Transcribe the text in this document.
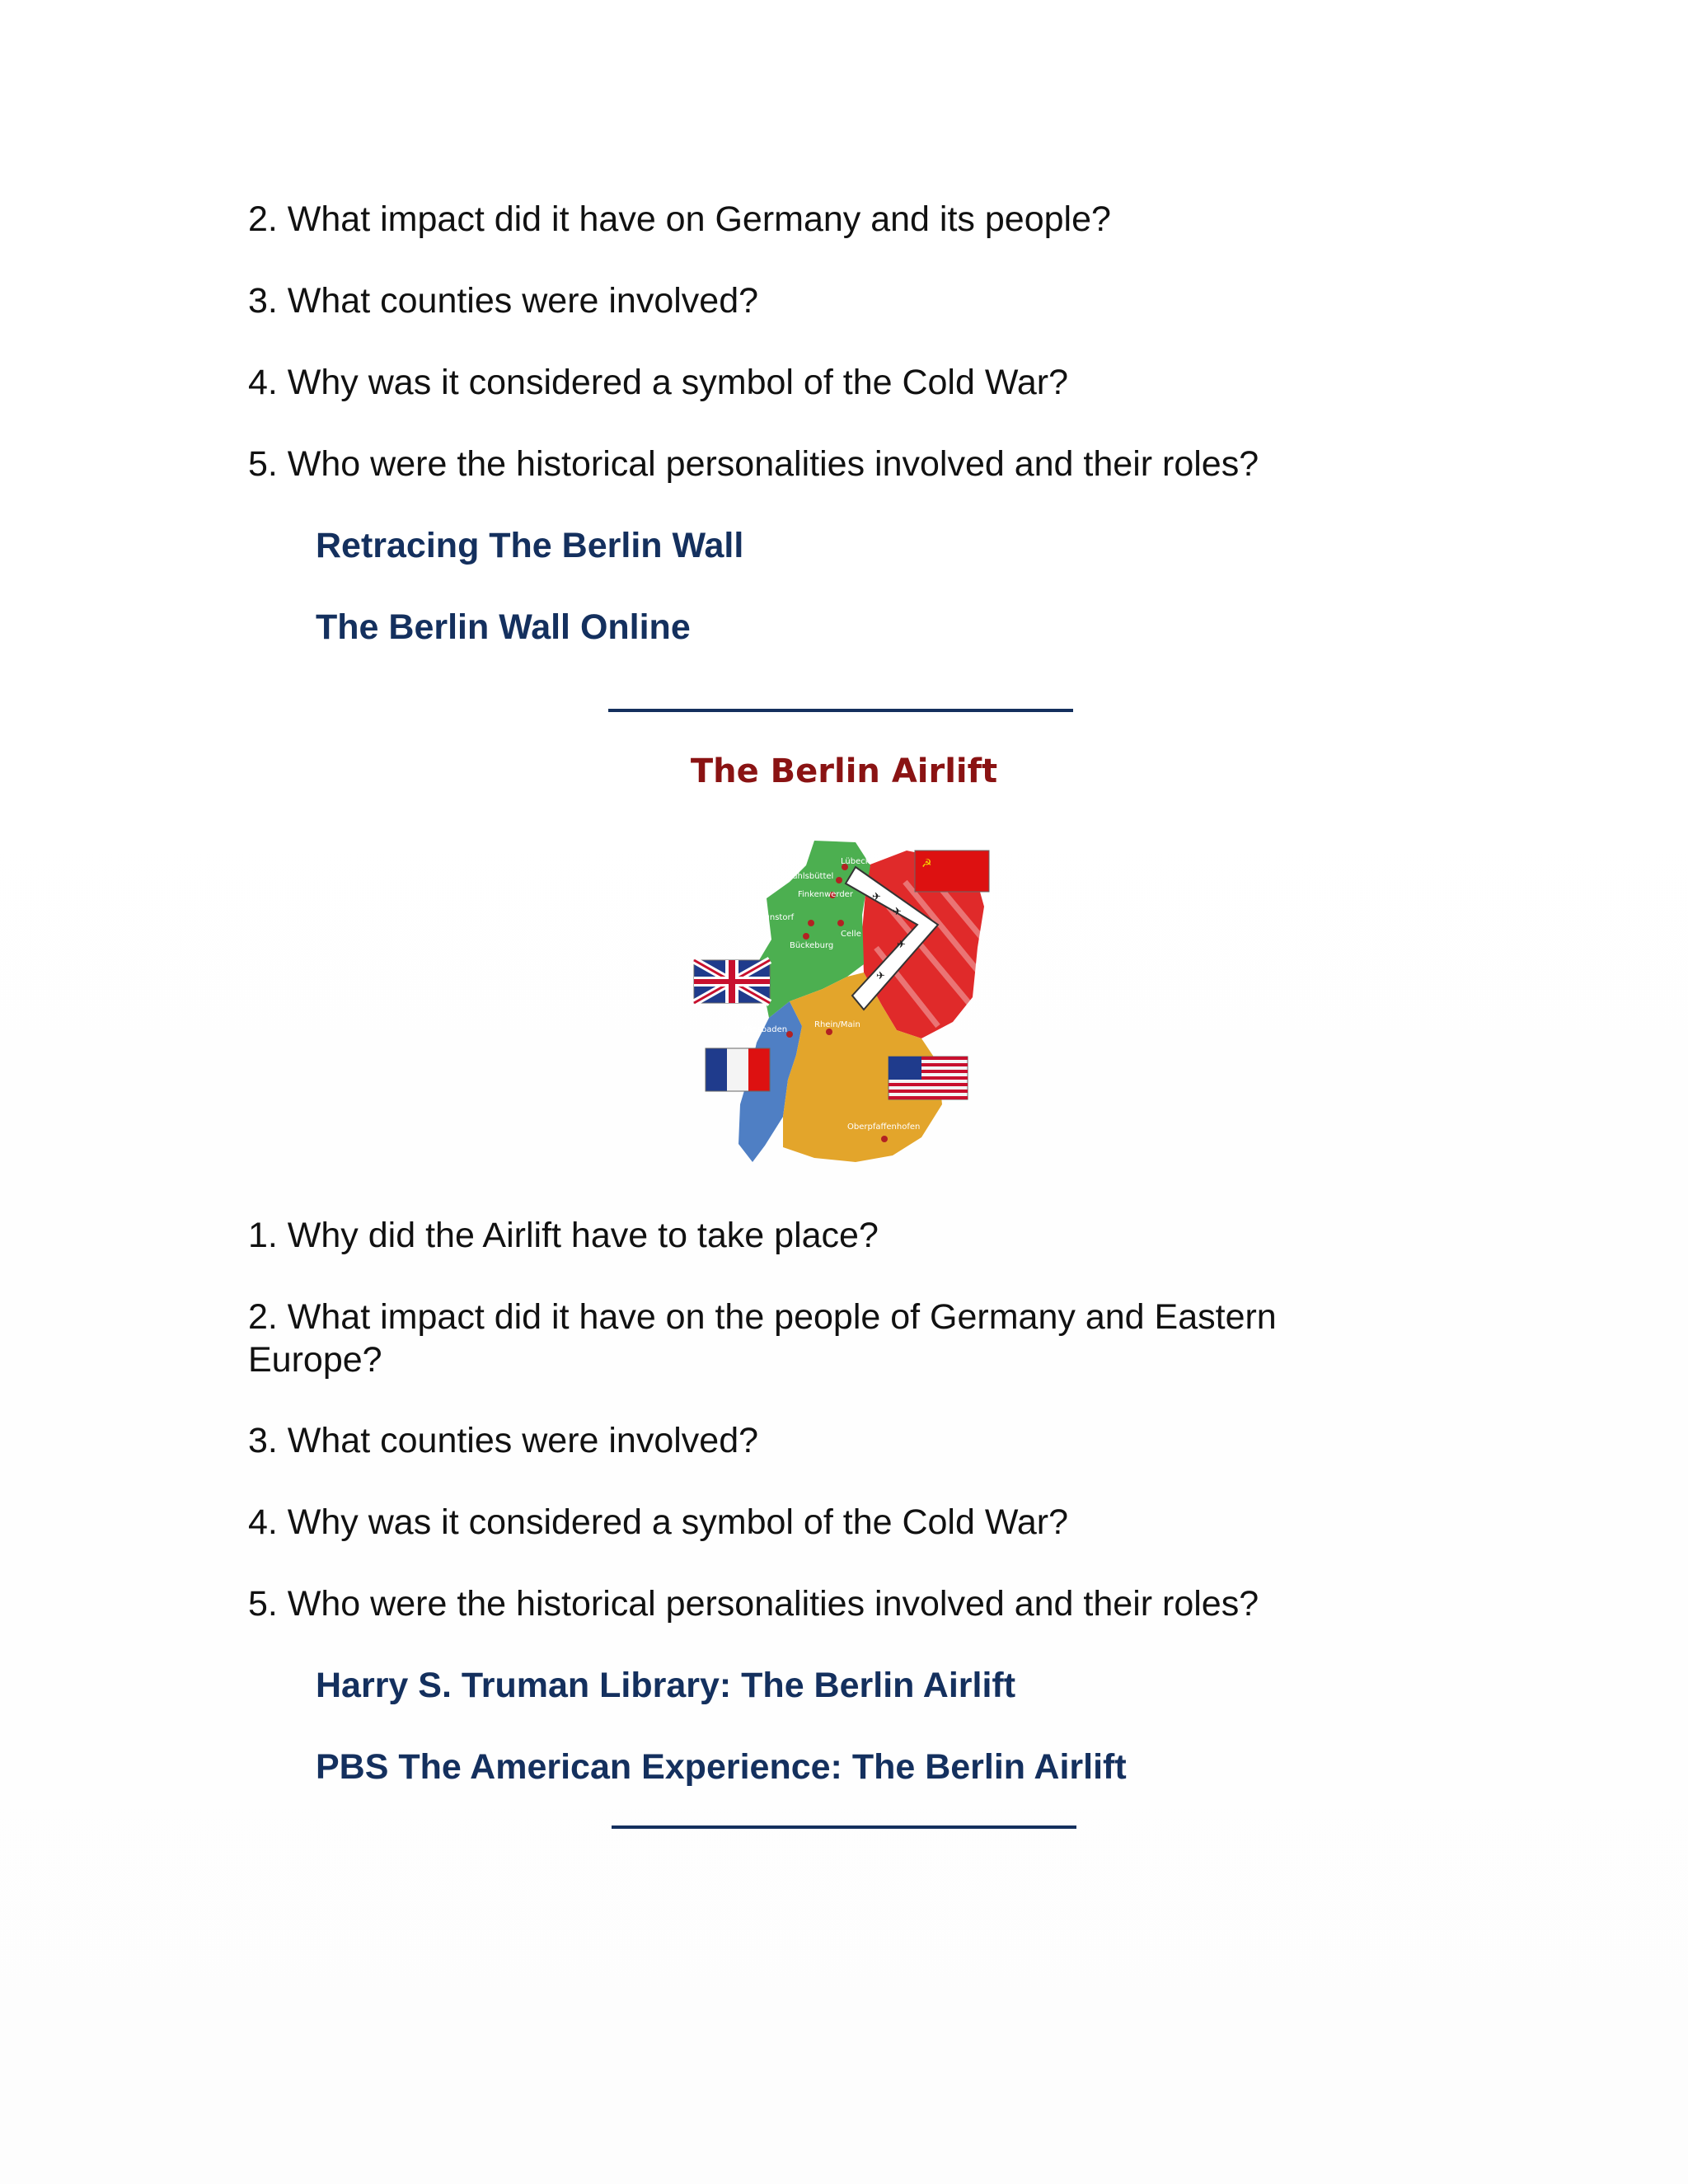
2. What impact did it have on Germany and its people?
3. What counties were involved?
4. Why was it considered a symbol of the Cold War?
5. Who were the historical personalities involved and their roles?
Retracing The Berlin Wall
The Berlin Wall Online
The Berlin Airlift
✈
✈
✈
✈
Lübeck
Fuhlsbüttel
Finkenwerder
Wunstorf
Celle
Bückeburg
Wiesbaden
Rhein/Main
Oberpfaffenhofen
☭
1. Why did the Airlift have to take place?
2. What impact did it have on the people of Germany and Eastern Europe?
3. What counties were involved?
4. Why was it considered a symbol of the Cold War?
5. Who were the historical personalities involved and their roles?
Harry S. Truman Library: The Berlin Airlift
PBS The American Experience: The Berlin Airlift
